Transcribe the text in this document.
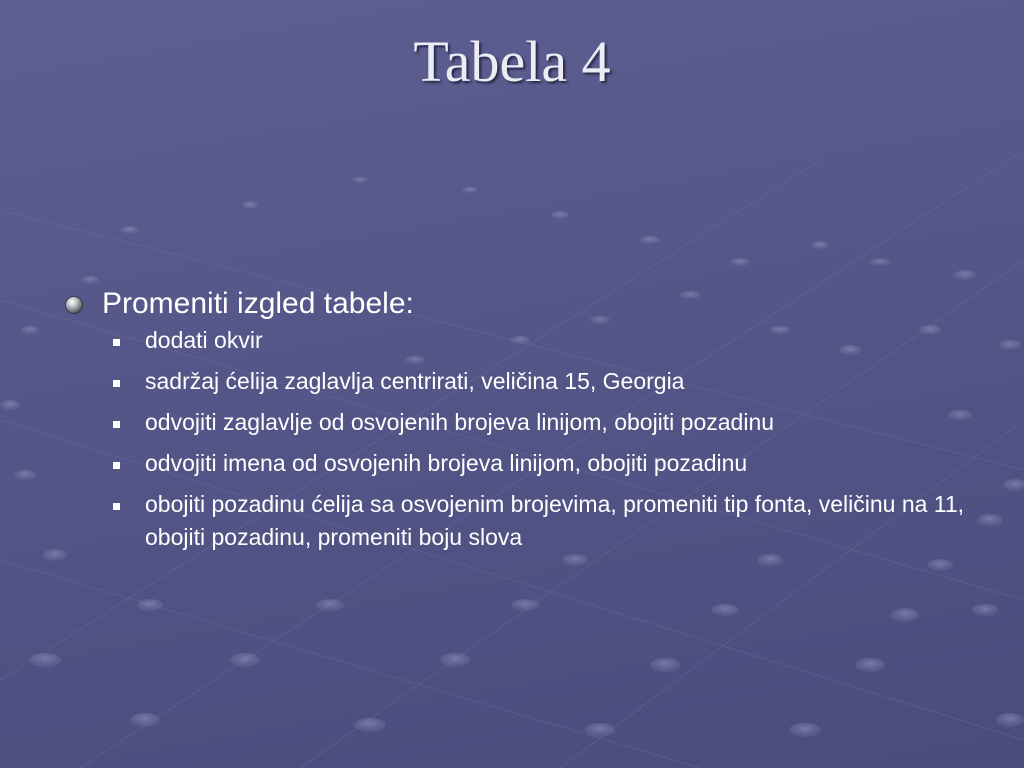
Tabela 4
Promeniti izgled tabele:
dodati okvir
sadržaj ćelija zaglavlja centrirati, veličina 15, Georgia
odvojiti zaglavlje od osvojenih brojeva linijom, obojiti pozadinu
odvojiti imena od osvojenih brojeva linijom, obojiti pozadinu
obojiti pozadinu ćelija sa osvojenim brojevima, promeniti tip fonta, veličinu na 11, obojiti pozadinu, promeniti boju slova
